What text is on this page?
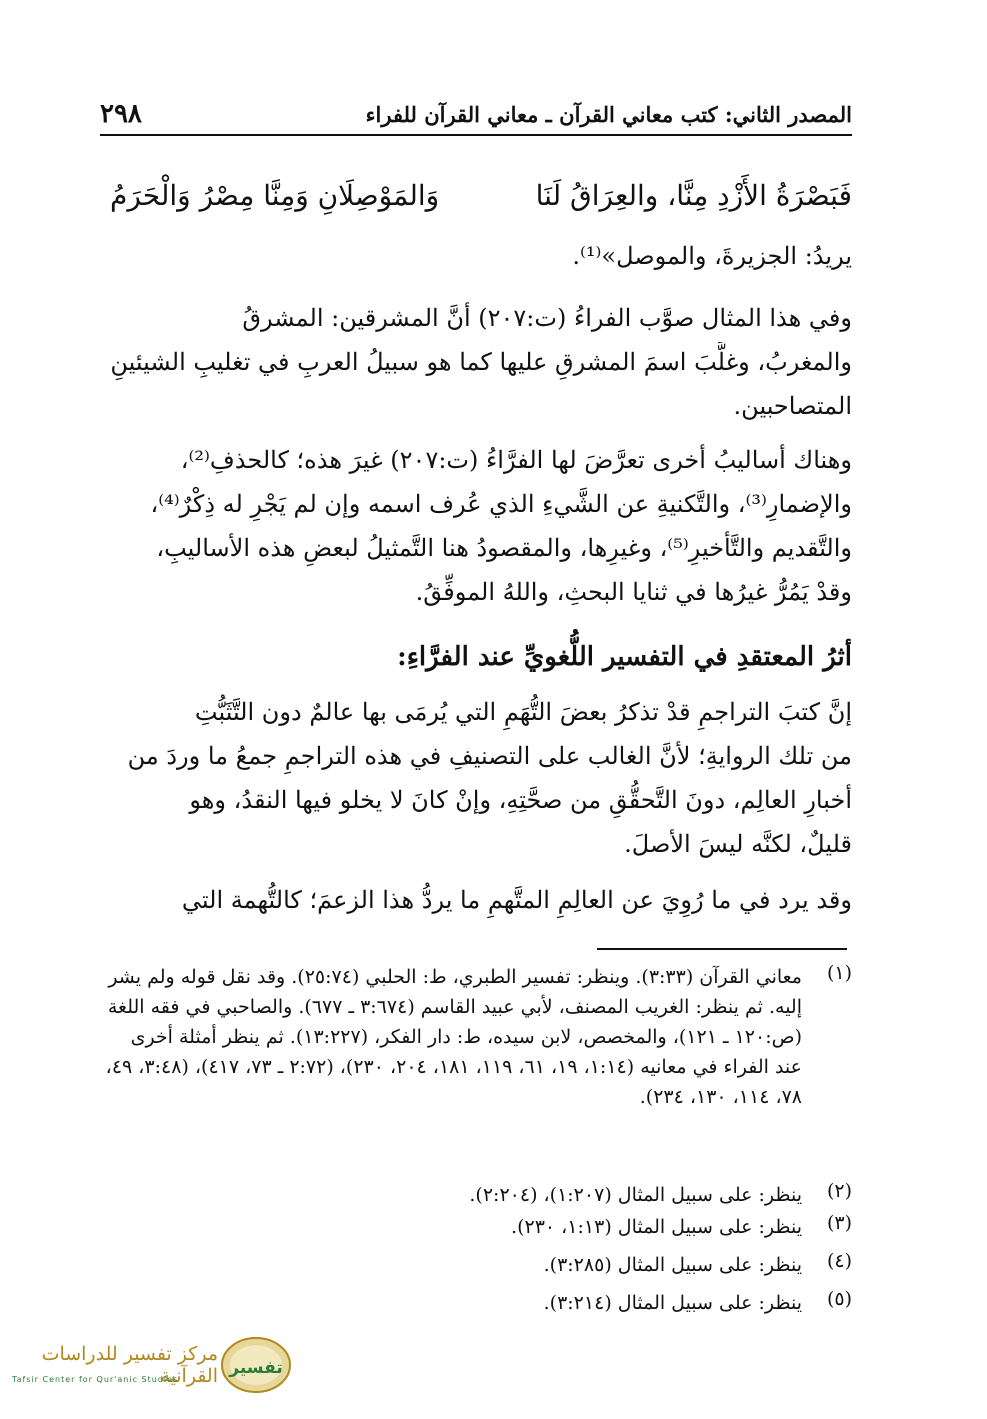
المصدر الثاني: كتب معاني القرآن ـ معاني القرآن للفراء
٢٩٨
فَبَصْرَةُ الأَزْدِ مِنَّا، والعِرَاقُ لَنَا
وَالمَوْصِلَانِ وَمِنَّا مِصْرُ وَالْحَرَمُ
يريدُ: الجزيرةَ، والموصل»⁽¹⁾.
وفي هذا المثال صوَّب الفراءُ (ت:٢٠٧) أنَّ المشرقين: المشرقُ
والمغربُ، وغلَّبَ اسمَ المشرقِ عليها كما هو سبيلُ العربِ في تغليبِ الشيئينِ
المتصاحبين.
وهناك أساليبُ أخرى تعرَّضَ لها الفرَّاءُ (ت:٢٠٧) غيرَ هذه؛ كالحذفِ⁽²⁾،
والإضمارِ⁽³⁾، والتَّكنيةِ عن الشَّيءِ الذي عُرف اسمه وإن لم يَجْرِ له ذِكْرٌ⁽⁴⁾،
والتَّقديم والتَّأخيرِ⁽⁵⁾، وغيرِها، والمقصودُ هنا التَّمثيلُ لبعضِ هذه الأساليبِ،
وقدْ يَمُرُّ غيرُها في ثنايا البحثِ، واللهُ الموفِّقُ.
أثرُ المعتقدِ في التفسير اللُّغويِّ عند الفرَّاءِ:
إنَّ كتبَ التراجمِ قدْ تذكرُ بعضَ التُّهَمِ التي يُرمَى بها عالمٌ دون التَّثَبُّتِ
من تلك الروايةِ؛ لأنَّ الغالب على التصنيفِ في هذه التراجمِ جمعُ ما وردَ من
أخبارِ العالِم، دونَ التَّحقُّقِ من صحَّتِهِ، وإنْ كانَ لا يخلو فيها النقدُ، وهو
قليلٌ، لكنَّه ليسَ الأصلَ.
وقد يرد في ما رُوِيَ عن العالِمِ المتَّهمِ ما يردُّ هذا الزعمَ؛ كالتُّهمة التي
(١)
معاني القرآن (٣:٣٣). وينظر: تفسير الطبري، ط: الحلبي (٢٥:٧٤). وقد نقل قوله ولم يشر إليه. ثم ينظر: الغريب المصنف، لأبي عبيد القاسم (٣:٦٧٤ ـ ٦٧٧). والصاحبي في فقه اللغة (ص:١٢٠ ـ ١٢١)، والمخصص، لابن سيده، ط: دار الفكر، (١٣:٢٢٧). ثم ينظر أمثلة أخرى عند الفراء في معانيه (١:١٤، ١٩، ٦١، ١١٩، ١٨١، ٢٠٤، ٢٣٠)، (٢:٧٢ ـ ٧٣، ٤١٧)، (٣:٤٨، ٤٩، ٧٨، ١١٤، ١٣٠، ٢٣٤).
(٢)
ينظر: على سبيل المثال (١:٢٠٧)، (٢:٢٠٤).
(٣)
ينظر: على سبيل المثال (١:١٣، ٢٣٠).
(٤)
ينظر: على سبيل المثال (٣:٢٨٥).
(٥)
ينظر: على سبيل المثال (٣:٢١٤).
مركز تفسير للدراسات القرآنية
Tafsir Center for Qur'anic Studies
تفسير
